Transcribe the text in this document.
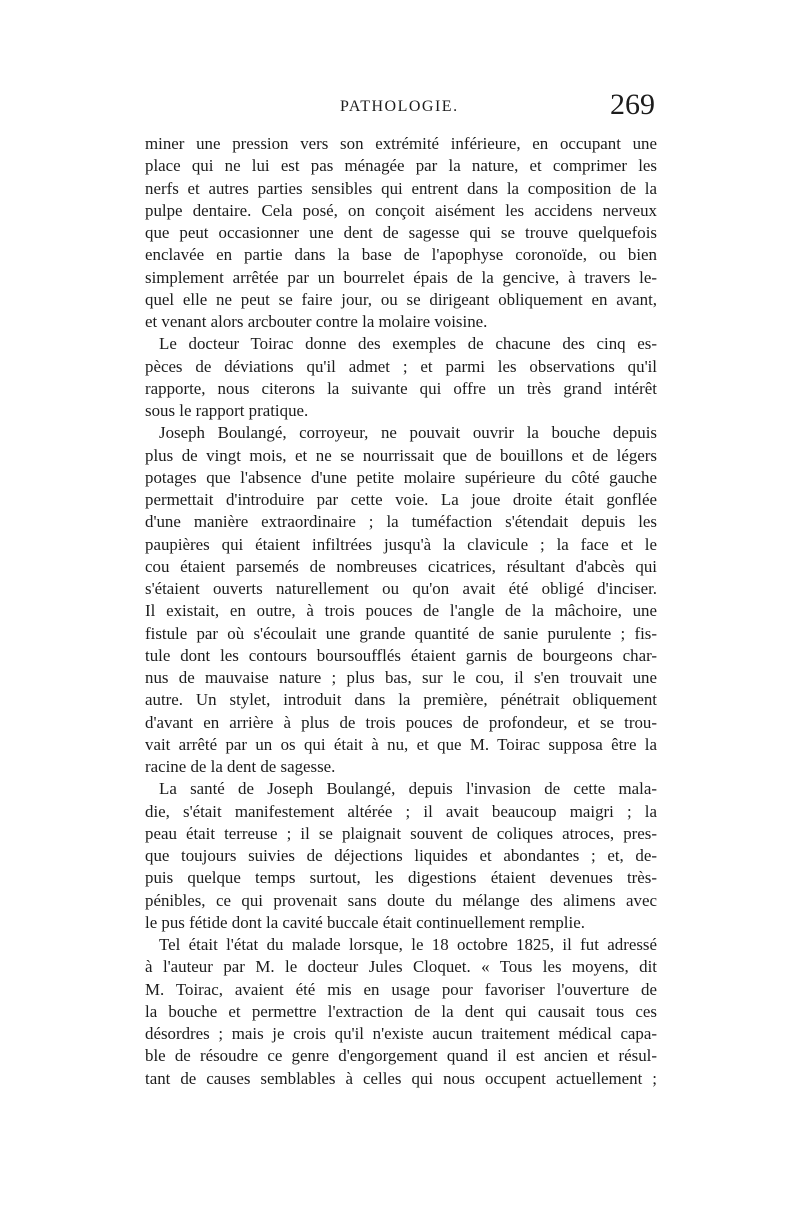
PATHOLOGIE.	269
miner une pression vers son extrémité inférieure, en occupant une
place qui ne lui est pas ménagée par la nature, et comprimer les
nerfs et autres parties sensibles qui entrent dans la composition de la
pulpe dentaire. Cela posé, on conçoit aisément les accidens nerveux
que peut occasionner une dent de sagesse qui se trouve quelquefois
enclavée en partie dans la base de l'apophyse coronoïde, ou bien
simplement arrêtée par un bourrelet épais de la gencive, à travers le-
quel elle ne peut se faire jour, ou se dirigeant obliquement en avant,
et venant alors arcbouter contre la molaire voisine.
Le docteur Toirac donne des exemples de chacune des cinq es-
pèces de déviations qu'il admet ; et parmi les observations qu'il
rapporte, nous citerons la suivante qui offre un très grand intérêt
sous le rapport pratique.
Joseph Boulangé, corroyeur, ne pouvait ouvrir la bouche depuis
plus de vingt mois, et ne se nourrissait que de bouillons et de légers
potages que l'absence d'une petite molaire supérieure du côté gauche
permettait d'introduire par cette voie. La joue droite était gonflée
d'une manière extraordinaire ; la tuméfaction s'étendait depuis les
paupières qui étaient infiltrées jusqu'à la clavicule ; la face et le
cou étaient parsemés de nombreuses cicatrices, résultant d'abcès qui
s'étaient ouverts naturellement ou qu'on avait été obligé d'inciser.
Il existait, en outre, à trois pouces de l'angle de la mâchoire, une
fistule par où s'écoulait une grande quantité de sanie purulente ; fis-
tule dont les contours boursoufflés étaient garnis de bourgeons char-
nus de mauvaise nature ; plus bas, sur le cou, il s'en trouvait une
autre. Un stylet, introduit dans la première, pénétrait obliquement
d'avant en arrière à plus de trois pouces de profondeur, et se trou-
vait arrêté par un os qui était à nu, et que M. Toirac supposa être la
racine de la dent de sagesse.
La santé de Joseph Boulangé, depuis l'invasion de cette mala-
die, s'était manifestement altérée ; il avait beaucoup maigri ; la
peau était terreuse ; il se plaignait souvent de coliques atroces, pres-
que toujours suivies de déjections liquides et abondantes ; et, de-
puis quelque temps surtout, les digestions étaient devenues très-
pénibles, ce qui provenait sans doute du mélange des alimens avec
le pus fétide dont la cavité buccale était continuellement remplie.
Tel était l'état du malade lorsque, le 18 octobre 1825, il fut adressé
à l'auteur par M. le docteur Jules Cloquet. « Tous les moyens, dit
M. Toirac, avaient été mis en usage pour favoriser l'ouverture de
la bouche et permettre l'extraction de la dent qui causait tous ces
désordres ; mais je crois qu'il n'existe aucun traitement médical capa-
ble de résoudre ce genre d'engorgement quand il est ancien et résul-
tant de causes semblables à celles qui nous occupent actuellement ;
